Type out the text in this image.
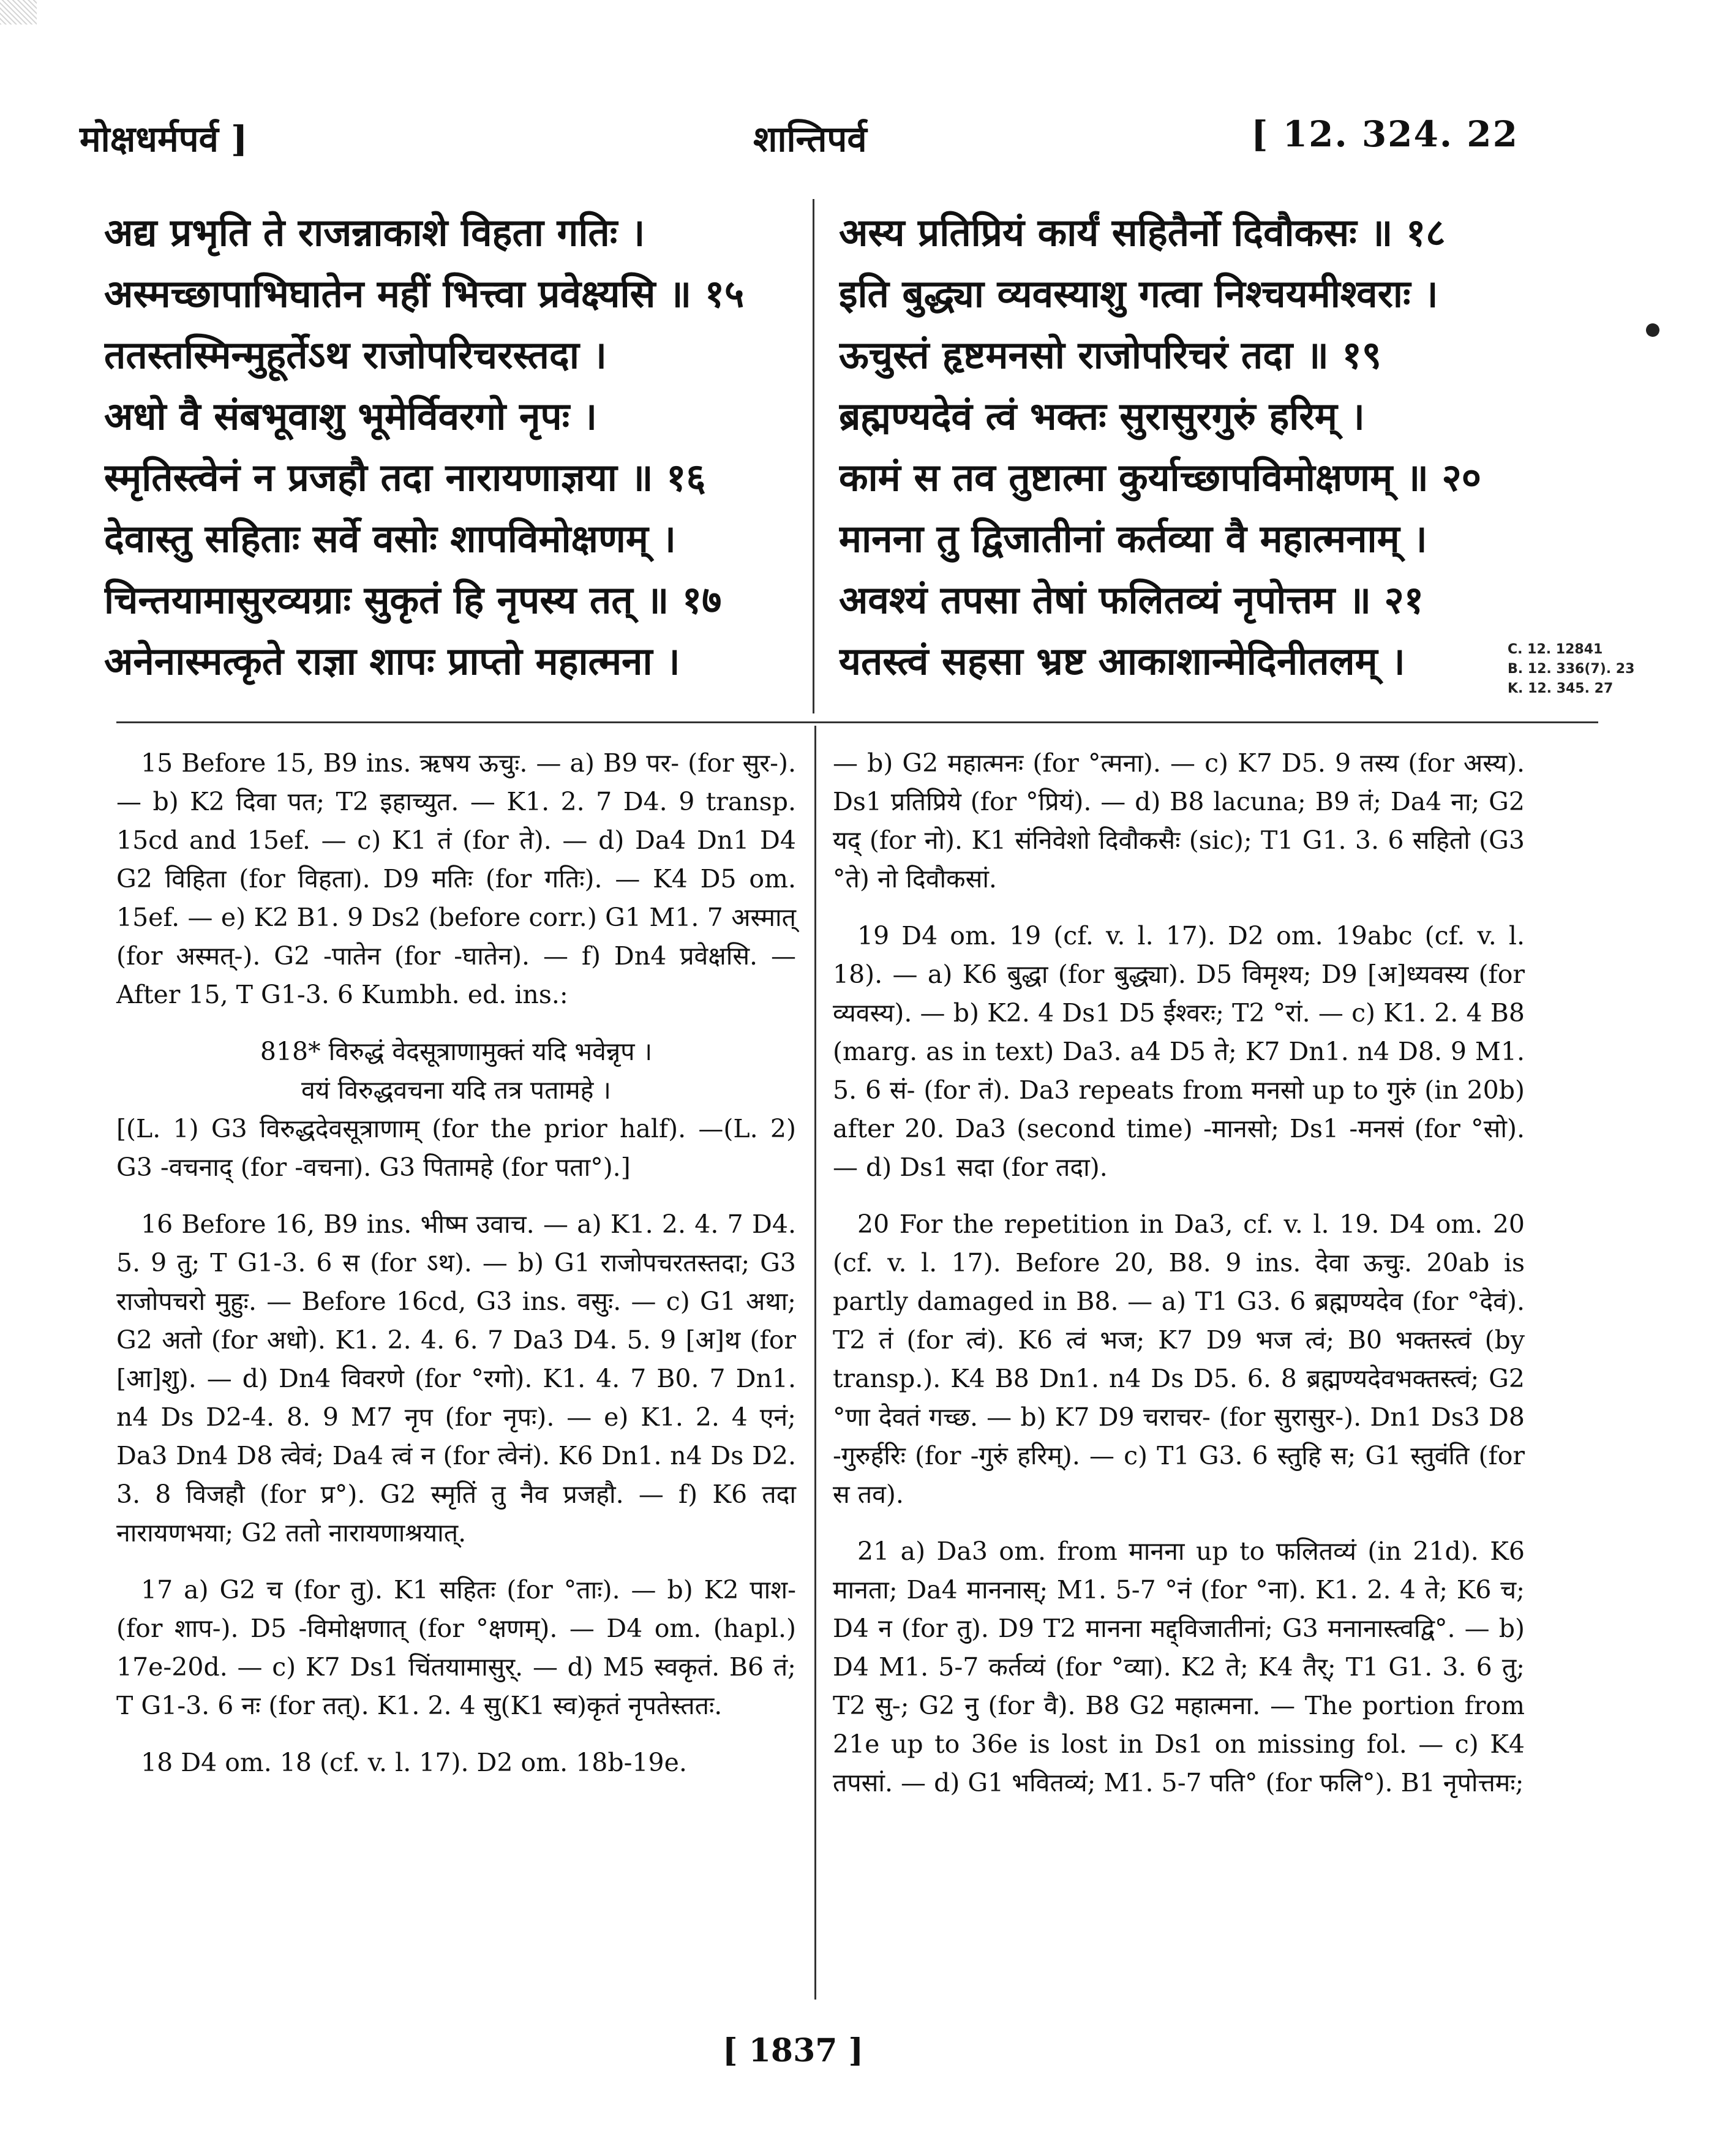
मोक्षधर्मपर्व ]	शान्तिपर्व	[ 12. 324. 22
अद्य प्रभृति ते राजन्नाकाशे विहता गतिः ।
अस्मच्छापाभिघातेन महीं भित्त्वा प्रवेक्ष्यसि ॥ १५
ततस्तस्मिन्मुहूर्तेऽथ राजोपरिचरस्तदा ।
अधो वै संबभूवाशु भूमेर्विवरगो नृपः ।
स्मृतिस्त्वेनं न प्रजहौ तदा नारायणाज्ञया ॥ १६
देवास्तु सहिताः सर्वे वसोः शापविमोक्षणम् ।
चिन्तयामासुरव्यग्राः सुकृतं हि नृपस्य तत् ॥ १७
अनेनास्मत्कृते राज्ञा शापः प्राप्तो महात्मना ।
अस्य प्रतिप्रियं कार्यं सहितैर्नो दिवौकसः ॥ १८
इति बुद्ध्या व्यवस्याशु गत्वा निश्चयमीश्वराः ।
ऊचुस्तं हृष्टमनसो राजोपरिचरं तदा ॥ १९
ब्रह्मण्यदेवं त्वं भक्तः सुरासुरगुरुं हरिम् ।
कामं स तव तुष्टात्मा कुर्याच्छापविमोक्षणम् ॥ २०
मानना तु द्विजातीनां कर्तव्या वै महात्मनाम् ।
अवश्यं तपसा तेषां फलितव्यं नृपोत्तम ॥ २१
यतस्त्वं सहसा भ्रष्ट आकाशान्मेदिनीतलम् ।	C. 12. 12841
B. 12. 336(7). 23
K. 12. 345. 27

15 Before 15, B9 ins. ऋषय ऊचुः. — a) B9 पर- (for सुर-). — b) K2 दिवा पत; T2 इहाच्युत. — K1. 2. 7 D4. 9 transp. 15cd and 15ef. — c) K1 तं (for ते). — d) Da4 Dn1 D4 G2 विहिता (for विहता). D9 मतिः (for गतिः). — K4 D5 om. 15ef. — e) K2 B1. 9 Ds2 (before corr.) G1 M1. 7 अस्मात् (for अस्मत्-). G2 -पातेन (for -घातेन). — f) Dn4 प्रवेक्षसि. — After 15, T G1-3. 6 Kumbh. ed. ins.:

818* विरुद्धं वेदसूत्राणामुक्तं यदि भवेन्नृप ।

वयं विरुद्धवचना यदि तत्र पतामहे ।

[(L. 1) G3 विरुद्धदेवसूत्राणाम् (for the prior half). —(L. 2) G3 -वचनाद् (for -वचना). G3 पितामहे (for पता°).]

16 Before 16, B9 ins. भीष्म उवाच. — a) K1. 2. 4. 7 D4. 5. 9 तु; T G1-3. 6 स (for ऽथ). — b) G1 राजोपचरतस्तदा; G3 राजोपचरो मुहुः. — Before 16cd, G3 ins. वसुः. — c) G1 अथा; G2 अतो (for अधो). K1. 2. 4. 6. 7 Da3 D4. 5. 9 [अ]थ (for [आ]शु). — d) Dn4 विवरणे (for °रगो). K1. 4. 7 B0. 7 Dn1. n4 Ds D2-4. 8. 9 M7 नृप (for नृपः). — e) K1. 2. 4 एनं; Da3 Dn4 D8 त्वेवं; Da4 त्वं न (for त्वेनं). K6 Dn1. n4 Ds D2. 3. 8 विजहौ (for प्र°). G2 स्मृतिं तु नैव प्रजहौ. — f) K6 तदा नारायणभया; G2 ततो नारायणाश्रयात्.

17 a) G2 च (for तु). K1 सहितः (for °ताः). — b) K2 पाश- (for शाप-). D5 -विमोक्षणात् (for °क्षणम्). — D4 om. (hapl.) 17e-20d. — c) K7 Ds1 चिंतयामासुर्. — d) M5 स्वकृतं. B6 तं; T G1-3. 6 नः (for तत्). K1. 2. 4 सु(K1 स्व)कृतं नृपतेस्ततः.

18 D4 om. 18 (cf. v. l. 17). D2 om. 18b-19e.

— b) G2 महात्मनः (for °त्मना). — c) K7 D5. 9 तस्य (for अस्य). Ds1 प्रतिप्रिये (for °प्रियं). — d) B8 lacuna; B9 तं; Da4 ना; G2 यद् (for नो). K1 संनिवेशो दिवौकसैः (sic); T1 G1. 3. 6 सहितो (G3 °ते) नो दिवौकसां.

19 D4 om. 19 (cf. v. l. 17). D2 om. 19abc (cf. v. l. 18). — a) K6 बुद्धा (for बुद्ध्या). D5 विमृश्य; D9 [अ]ध्यवस्य (for व्यवस्य). — b) K2. 4 Ds1 D5 ईश्वरः; T2 °रां. — c) K1. 2. 4 B8 (marg. as in text) Da3. a4 D5 ते; K7 Dn1. n4 D8. 9 M1. 5. 6 सं- (for तं). Da3 repeats from मनसो up to गुरुं (in 20b) after 20. Da3 (second time) -मानसो; Ds1 -मनसं (for °सो). — d) Ds1 सदा (for तदा).

20 For the repetition in Da3, cf. v. l. 19. D4 om. 20 (cf. v. l. 17). Before 20, B8. 9 ins. देवा ऊचुः. 20ab is partly damaged in B8. — a) T1 G3. 6 ब्रह्मण्यदेव (for °देवं). T2 तं (for त्वं). K6 त्वं भज; K7 D9 भज त्वं; B0 भक्तस्त्वं (by transp.). K4 B8 Dn1. n4 Ds D5. 6. 8 ब्रह्मण्यदेवभक्तस्त्वं; G2 °णा देवतं गच्छ. — b) K7 D9 चराचर- (for सुरासुर-). Dn1 Ds3 D8 -गुरुर्हरिः (for -गुरुं हरिम्). — c) T1 G3. 6 स्तुहि स; G1 स्तुवंति (for स तव).

21 a) Da3 om. from मानना up to फलितव्यं (in 21d). K6 मानता; Da4 माननास्; M1. 5-7 °नं (for °ना). K1. 2. 4 ते; K6 च; D4 न (for तु). D9 T2 मानना मद्द्विजातीनां; G3 मनानास्त्वद्वि°. — b) D4 M1. 5-7 कर्तव्यं (for °व्या). K2 ते; K4 तैर्; T1 G1. 3. 6 तु; T2 सु-; G2 नु (for वै). B8 G2 महात्मना. — The portion from 21e up to 36e is lost in Ds1 on missing fol. — c) K4 तपसां. — d) G1 भवितव्यं; M1. 5-7 पति° (for फलि°). B1 नृपोत्तमः;

[ 1837 ]
